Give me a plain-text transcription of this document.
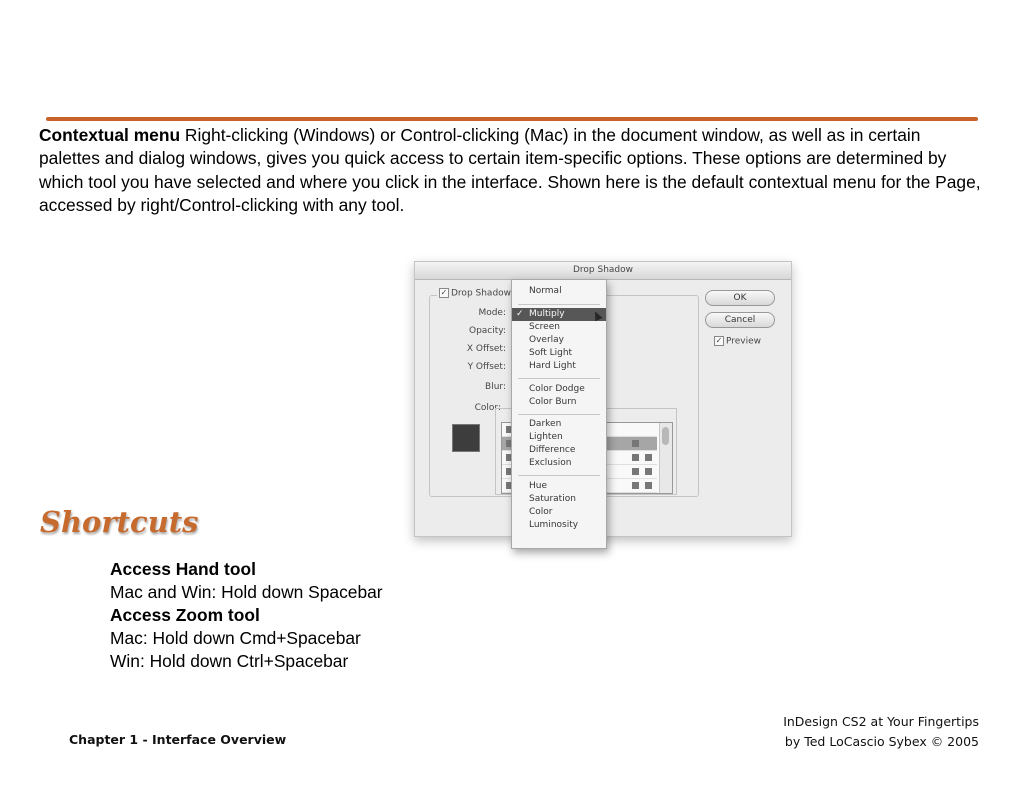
Contextual menu Right-clicking (Windows) or Control-clicking (Mac) in the document window, as well as in certain palettes and dialog windows, gives you quick access to certain item-specific options. These options are determined by which tool you have selected and where you click in the interface. Shown here is the default contextual menu for the Page, accessed by right/Control-clicking with any tool.
Drop Shadow
✓ Drop Shadow
Mode:
Opacity:
X Offset:
Y Offset:
Blur:
Color:
OK
Cancel
✓ Preview
Normal
✓ Multiply
Screen
Overlay
Soft Light
Hard Light
Color Dodge
Color Burn
Darken
Lighten
Difference
Exclusion
Hue
Saturation
Color
Luminosity
Shortcuts
Access Hand tool
Mac and Win: Hold down Spacebar
Access Zoom tool
Mac: Hold down Cmd+Spacebar
Win: Hold down Ctrl+Spacebar
Chapter 1 - Interface Overview
InDesign CS2 at Your Fingertips
by Ted LoCascio Sybex © 2005
